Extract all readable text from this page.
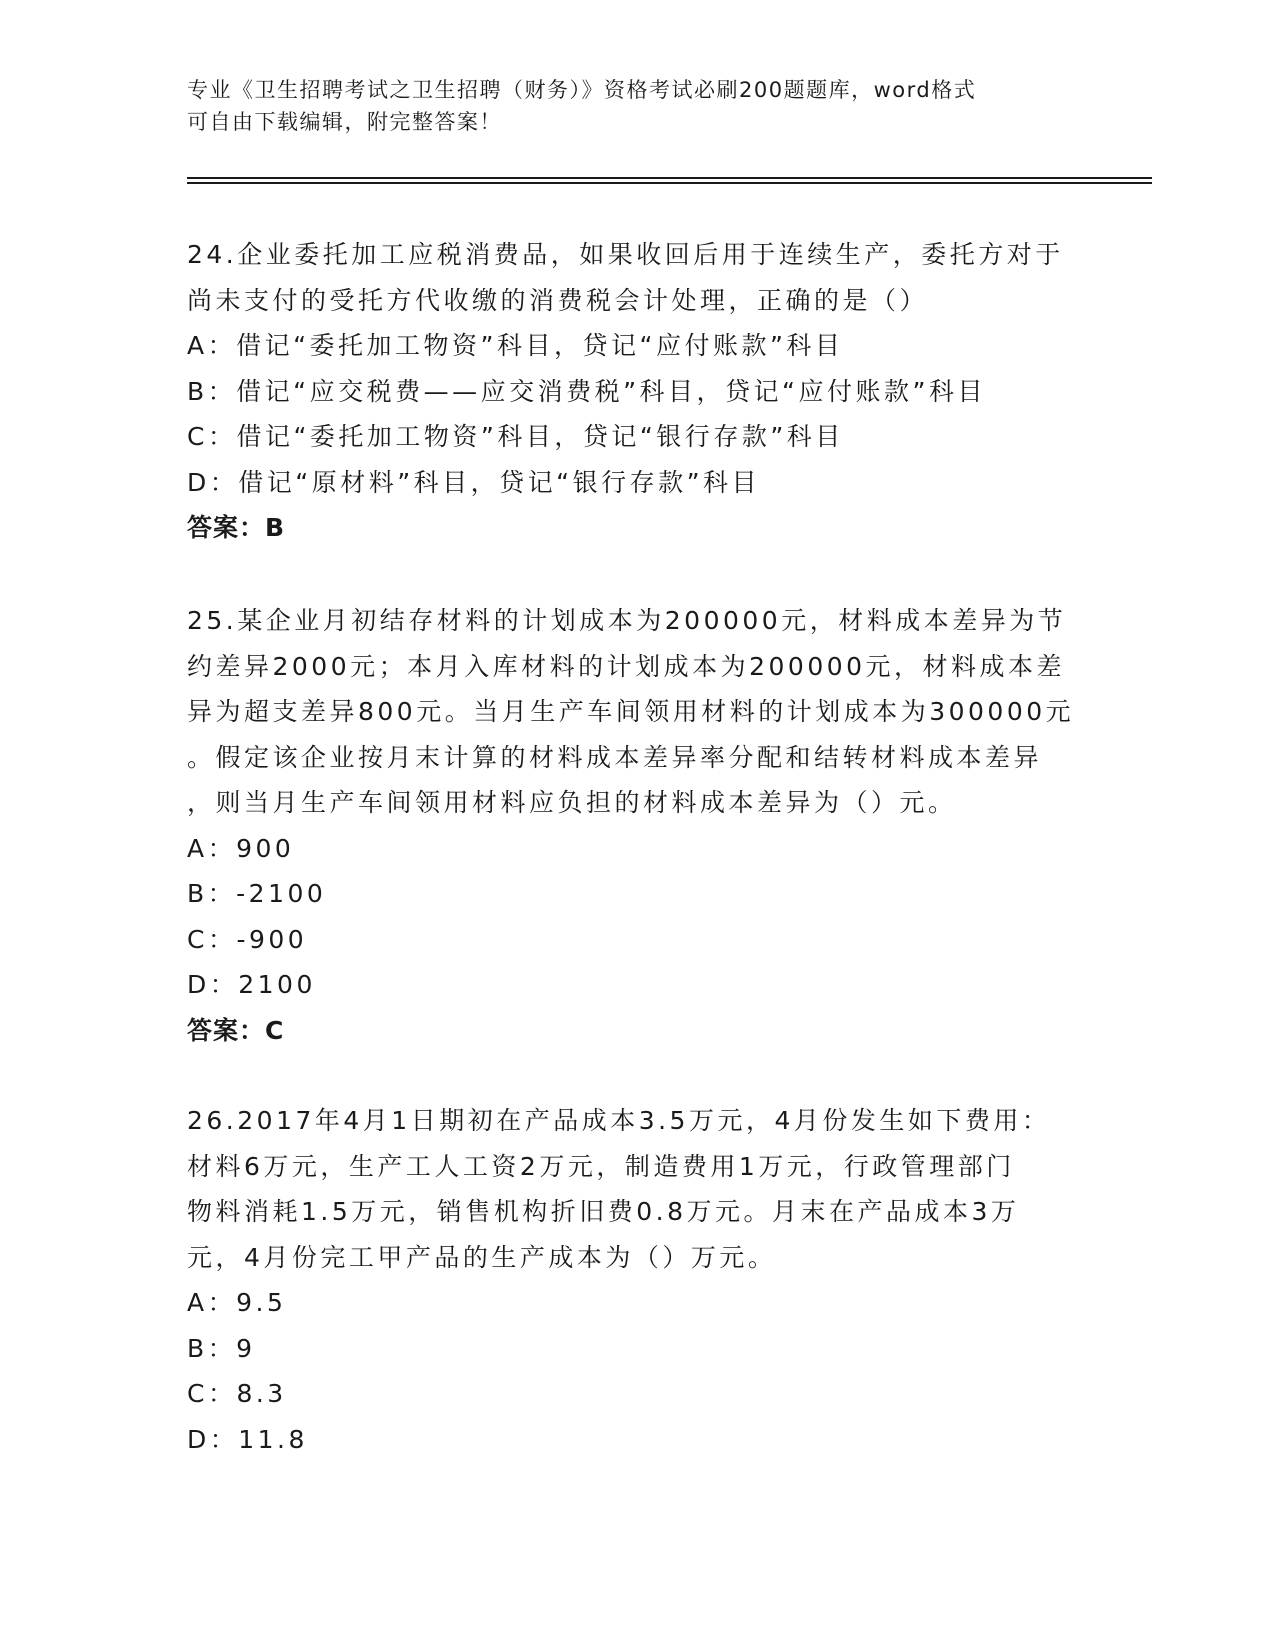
专业《卫生招聘考试之卫生招聘（财务）》资格考试必刷200题题库，word格式
可自由下载编辑，附完整答案！
24.企业委托加工应税消费品，如果收回后用于连续生产，委托方对于
尚未支付的受托方代收缴的消费税会计处理，正确的是（）
A：借记“委托加工物资”科目，贷记“应付账款”科目
B：借记“应交税费——应交消费税”科目，贷记“应付账款”科目
C：借记“委托加工物资”科目，贷记“银行存款”科目
D：借记“原材料”科目，贷记“银行存款”科目
答案：B
25.某企业月初结存材料的计划成本为200000元，材料成本差异为节
约差异2000元；本月入库材料的计划成本为200000元，材料成本差
异为超支差异800元。当月生产车间领用材料的计划成本为300000元
。假定该企业按月末计算的材料成本差异率分配和结转材料成本差异
，则当月生产车间领用材料应负担的材料成本差异为（）元。
A：900
B：-2100
C：-900
D：2100
答案：C
26.2017年4月1日期初在产品成本3.5万元，4月份发生如下费用：
材料6万元，生产工人工资2万元，制造费用1万元，行政管理部门
物料消耗1.5万元，销售机构折旧费0.8万元。月末在产品成本3万
元，4月份完工甲产品的生产成本为（）万元。
A：9.5
B：9
C：8.3
D：11.8
